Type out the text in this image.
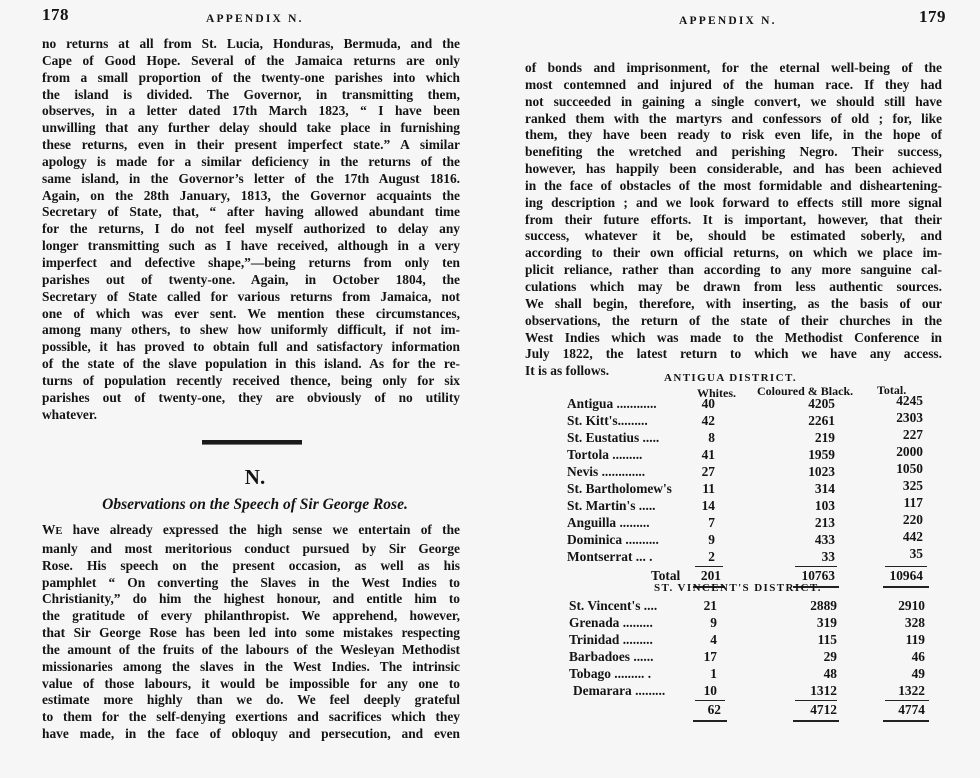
178	APPENDIX N.
no returns at all from St. Lucia, Honduras, Bermuda, and the
Cape of Good Hope. Several of the Jamaica returns are only
from a small proportion of the twenty-one parishes into which
the island is divided. The Governor, in transmitting them,
observes, in a letter dated 17th March 1823, “ I have been
unwilling that any further delay should take place in furnishing
these returns, even in their present imperfect state.” A similar
apology is made for a similar deficiency in the returns of the
same island, in the Governor’s letter of the 17th August 1816.
Again, on the 28th January, 1813, the Governor acquaints the
Secretary of State, that, “ after having allowed abundant time
for the returns, I do not feel myself authorized to delay any
longer transmitting such as I have received, although in a very
imperfect and defective shape,”—being returns from only ten
parishes out of twenty-one. Again, in October 1804, the
Secretary of State called for various returns from Jamaica, not
one of which was ever sent. We mention these circumstances,
among many others, to shew how uniformly difficult, if not im-
possible, it has proved to obtain full and satisfactory information
of the state of the slave population in this island. As for the re-
turns of population recently received thence, being only for six
parishes out of twenty-one, they are obviously of no utility
whatever.
N.
Observations on the Speech of Sir George Rose.
WE have already expressed the high sense we entertain of the
manly and most meritorious conduct pursued by Sir George
Rose. His speech on the present occasion, as well as his
pamphlet “ On converting the Slaves in the West Indies to
Christianity,” do him the highest honour, and entitle him to
the gratitude of every philanthropist. We apprehend, however,
that Sir George Rose has been led into some mistakes respecting
the amount of the fruits of the labours of the Wesleyan Methodist
missionaries among the slaves in the West Indies. The intrinsic
value of those labours, it would be impossible for any one to
estimate more highly than we do. We feel deeply grateful
to them for the self-denying exertions and sacrifices which they
have made, in the face of obloquy and persecution, and even
APPENDIX N.	179
of bonds and imprisonment, for the eternal well-being of the
most contemned and injured of the human race. If they had
not succeeded in gaining a single convert, we should still have
ranked them with the martyrs and confessors of old ; for, like
them, they have been ready to risk even life, in the hope of
benefiting the wretched and perishing Negro. Their success,
however, has happily been considerable, and has been achieved
in the face of obstacles of the most formidable and disheartening-
ing description ; and we look forward to effects still more signal
from their future efforts. It is important, however, that their
success, whatever it be, should be estimated soberly, and
according to their own official returns, on which we place im-
plicit reliance, rather than according to any more sanguine cal-
culations which may be drawn from less authentic sources.
We shall begin, therefore, with inserting, as the basis of our
observations, the return of the state of their churches in the
West Indies which was made to the Methodist Conference in
July 1822, the latest return to which we have any access.
It is as follows.	ANTIGUA DISTRICT.
Whites. Coloured & Black. Total.
Antigua ............	40	4205	4245
St. Kitt's.........	42	2261	2303
St. Eustatius .....	8	219	227
Tortola .........	41	1959	2000
Nevis .............	27	1023	1050
St. Bartholomew's	11	314	325
St. Martin's .....	14	103	117
Anguilla .........	7	213	220
Dominica ..........	9	433	442
Montserrat ... .	2	33	35
Total	201	10763	10964
ST. VINCENT'S DISTRICT.
St. Vincent's ....	21	2889	2910
Grenada .........	9	319	328
Trinidad .........	4	115	119
Barbadoes ......	17	29	46
Tobago ......... .	1	48	49
Demarara .........	10	1312	1322
62	4712	4774
